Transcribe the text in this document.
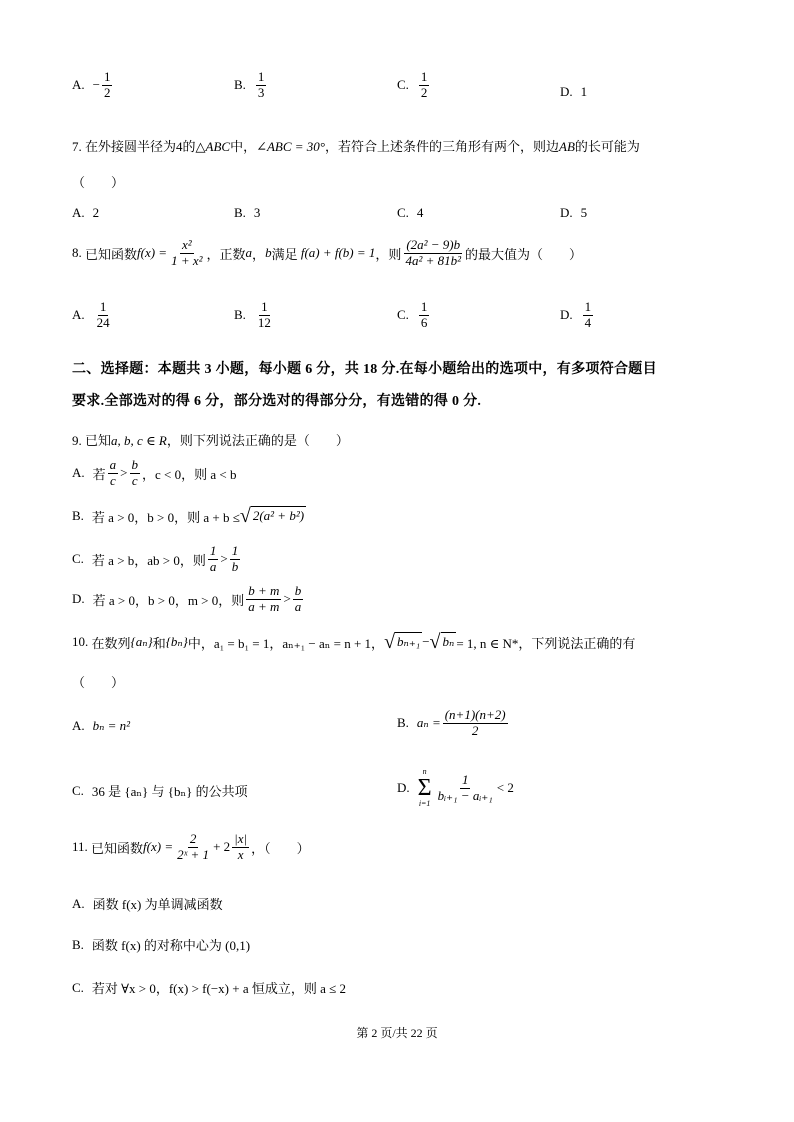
A. − $\frac{1}{2}$	B. $\frac{1}{3}$	C. $\frac{1}{2}$	D. 1
7. 在外接圆半径为4的△ABC中，∠ABC = 30°，若符合上述条件的三角形有两个，则边AB的长可能为
（　　）
A. 2	B. 3	C. 4	D. 5
8.
已知函数 $f(x) = \frac{\text{x²}}{\text{1 + x²}}$ ，正数 a ， b 满足
f(a) + f(b) = 1 ，则 $\frac{\text{(2a² − 9)b}}{\text{4a² + 81b²}}$ 的最大值为（　　）
A. $\frac{1}{24}$	B. $\frac{1}{12}$	C. $\frac{1}{6}$	D. $\frac{1}{4}$
二、选择题：本题共 3 小题，每小题 6 分，共 18 分.在每小题给出的选项中，有多项符合题目
要求.全部选对的得 6 分，部分选对的得部分分，有选错的得 0 分.
9. 已知a, b, c ∈ R，则下列说法正确的是（　　）
A. 若 $\frac{a}{c} > \frac{b}{c}$ ，c < 0，则 a < b
B. 若 a > 0，b > 0，则 a + b ≤ √ 2(a² + b²)
C. 若 a > b，ab > 0，则 $\frac{1}{a} > \frac{1}{b}$
D. 若 a > 0，b > 0，m > 0，则 $\frac{b + m}{a + m} > \frac{b}{a}$
10.
在数列 {aₙ} 和 {bₙ} 中，a₁ = b₁ = 1，aₙ₊₁ − aₙ = n + 1， √ bₙ₊₁ − √ bₙ = 1, n ∈ N*，下列说法正确的有
（　　）
A. bₙ = n²	B. $a_n = \frac{(n+1)(n+2)}{2}$
C. 36 是 {aₙ} 与 {bₙ} 的公共项	D.
n
Σ
i=1
$\frac{1}{\text{bᵢ₊₁ − aᵢ₊₁}} < 2$
11.
已知函数 $f(x) = \frac{2}{\text{2ˣ + 1}} + 2 \frac{|x|}{x}$ ，（　　）
A. 函数 f(x) 为单调减函数
B. 函数 f(x) 的对称中心为 (0,1)
C. 若对 ∀x > 0，f(x) > f(−x) + a 恒成立，则 a ≤ 2
第 2 页/共 22 页
